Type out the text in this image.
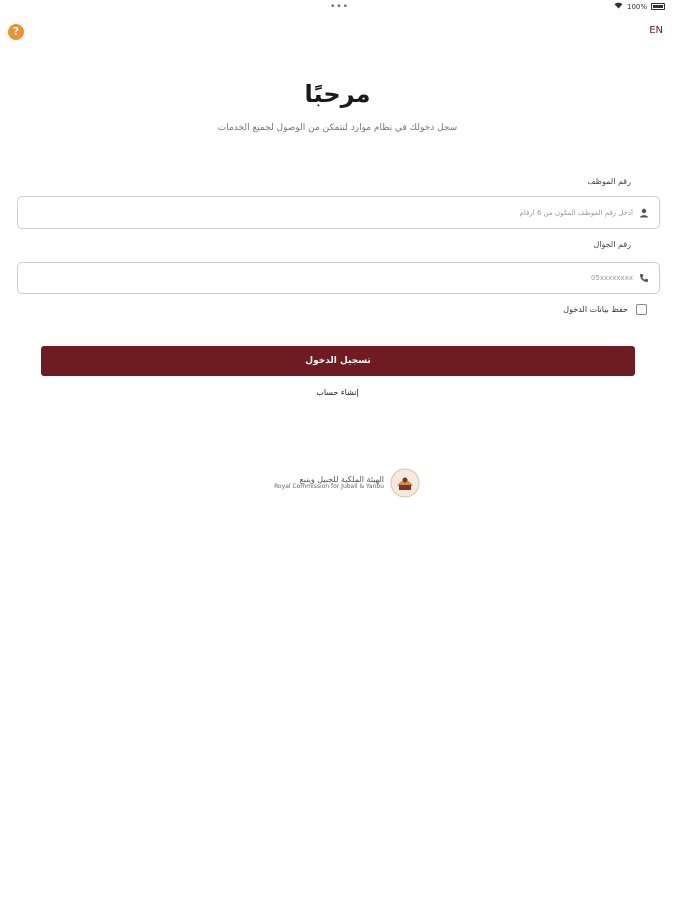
•••	100%
?	EN
مرحبًا

سجل دخولك في نظام موارد لتتمكن من الوصول لجميع الخدمات

رقم الموظف
أدخل رقم الموظف المكون من 6 أرقام
رقم الجوال
05xxxxxxxx
حفظ بيانات الدخول
تسجيل الدخول
إنشاء حساب
الهيئة الملكية للجبيل وينبع
Royal Commission for Jubail & Yanbu
